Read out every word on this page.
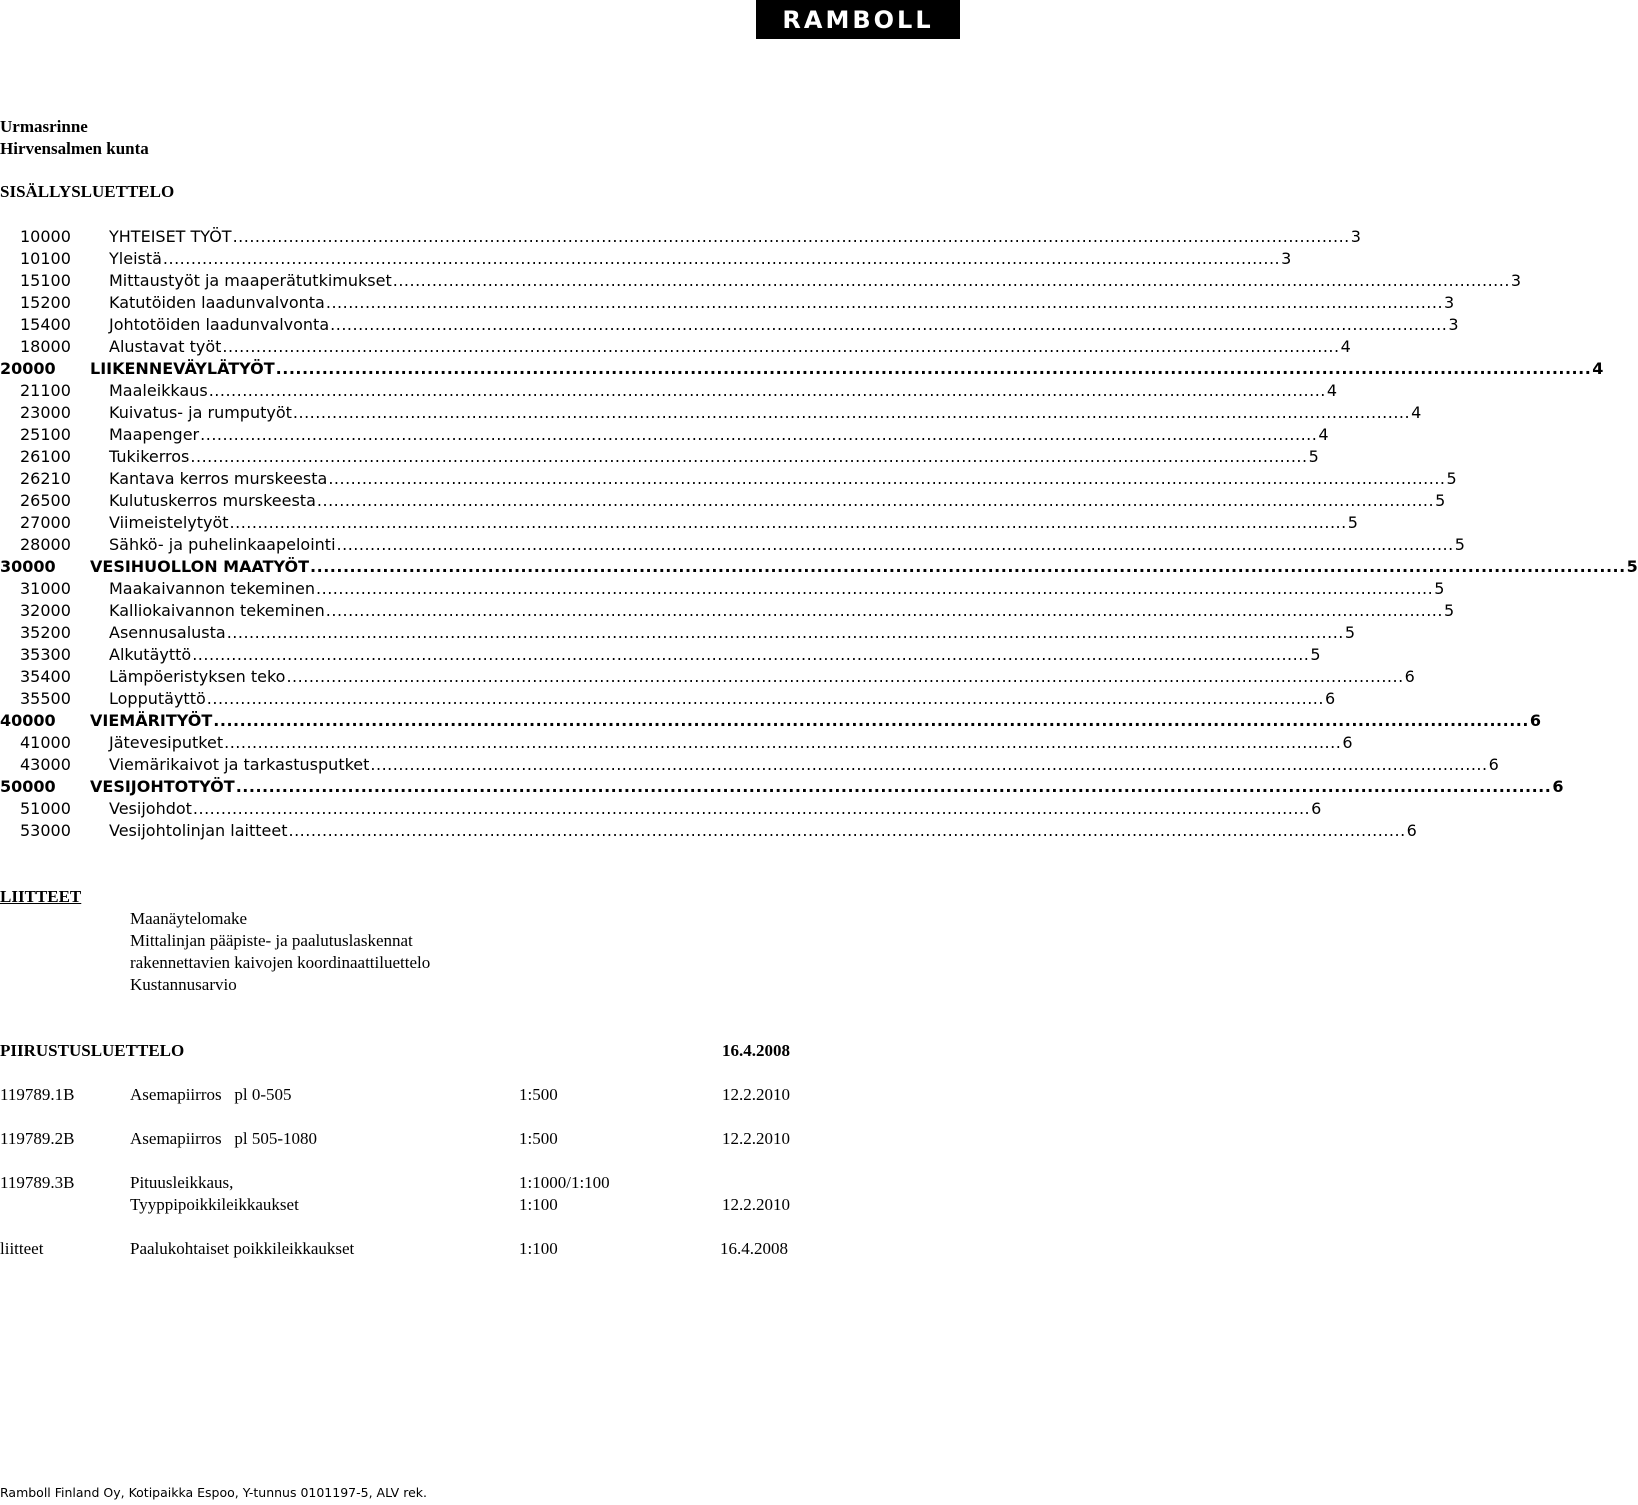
RAMBOLL
Urmasrinne
Hirvensalmen kunta
SISÄLLYSLUETTELO
10000 YHTEISET TYÖT ........................................................................................................................................................................................................ 3
10100 Yleistä ........................................................................................................................................................................................................ 3
15100 Mittaustyöt ja maaperätutkimukset ........................................................................................................................................................................................................ 3
15200 Katutöiden laadunvalvonta ........................................................................................................................................................................................................ 3
15400 Johtotöiden laadunvalvonta ........................................................................................................................................................................................................ 3
18000 Alustavat työt ........................................................................................................................................................................................................ 4
20000 LIIKENNEVÄYLÄTYÖT ........................................................................................................................................................................................................ 4
21100 Maaleikkaus ........................................................................................................................................................................................................ 4
23000 Kuivatus- ja rumputyöt ........................................................................................................................................................................................................ 4
25100 Maapenger ........................................................................................................................................................................................................ 4
26100 Tukikerros ........................................................................................................................................................................................................ 5
26210 Kantava kerros murskeesta ........................................................................................................................................................................................................ 5
26500 Kulutuskerros murskeesta ........................................................................................................................................................................................................ 5
27000 Viimeistelytyöt ........................................................................................................................................................................................................ 5
28000 Sähkö- ja puhelinkaapelointi ........................................................................................................................................................................................................ 5
30000 VESIHUOLLON MAATYÖT ........................................................................................................................................................................................................ 5
31000 Maakaivannon tekeminen ........................................................................................................................................................................................................ 5
32000 Kalliokaivannon tekeminen ........................................................................................................................................................................................................ 5
35200 Asennusalusta ........................................................................................................................................................................................................ 5
35300 Alkutäyttö ........................................................................................................................................................................................................ 5
35400 Lämpöeristyksen teko ........................................................................................................................................................................................................ 6
35500 Lopputäyttö ........................................................................................................................................................................................................ 6
40000 VIEMÄRITYÖT ........................................................................................................................................................................................................ 6
41000 Jätevesiputket ........................................................................................................................................................................................................ 6
43000 Viemärikaivot ja tarkastusputket ........................................................................................................................................................................................................ 6
50000 VESIJOHTOTYÖT ........................................................................................................................................................................................................ 6
51000 Vesijohdot ........................................................................................................................................................................................................ 6
53000 Vesijohtolinjan laitteet ........................................................................................................................................................................................................ 6
LIITTEET
Maanäytelomake
Mittalinjan pääpiste- ja paalutuslaskennat
rakennettavien kaivojen koordinaattiluettelo
Kustannusarvio
PIIRUSTUSLUETTELO	16.4.2008
119789.1B	Asemapiirros   pl 0-505	1:500	12.2.2010
119789.2B	Asemapiirros   pl 505-1080	1:500	12.2.2010
119789.3B	Pituusleikkaus,	1:1000/1:100
Tyyppipoikkileikkaukset	1:100	12.2.2010
liitteet	Paalukohtaiset poikkileikkaukset	1:100	16.4.2008
Ramboll Finland Oy, Kotipaikka Espoo, Y-tunnus 0101197-5, ALV rek.
